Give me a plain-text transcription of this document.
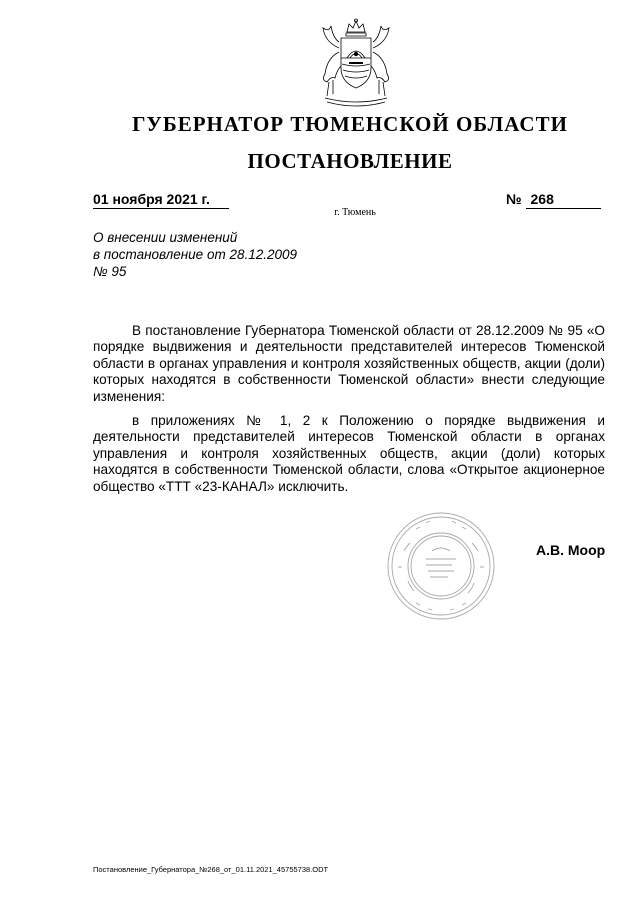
ГУБЕРНАТОР ТЮМЕНСКОЙ ОБЛАСТИ
ПОСТАНОВЛЕНИЕ
01 ноября 2021 г.	№ 268
г. Тюмень
О внесении изменений
в постановление от 28.12.2009
№ 95

В постановление Губернатора Тюменской области от 28.12.2009 № 95 «О порядке выдвижения и деятельности представителей интересов Тюменской области в органах управления и контроля хозяйственных обществ, акции (доли) которых находятся в собственности Тюменской области» внести следующие изменения:

в приложениях № 1, 2 к Положению о порядке выдвижения и деятельности представителей интересов Тюменской области в органах управления и контроля хозяйственных обществ, акции (доли) которых находятся в собственности Тюменской области, слова «Открытое акционерное общество «ТТТ «23-КАНАЛ» исключить.

А.В. Моор
Постановление_Губернатора_№268_от_01.11.2021_45755738.ODT
